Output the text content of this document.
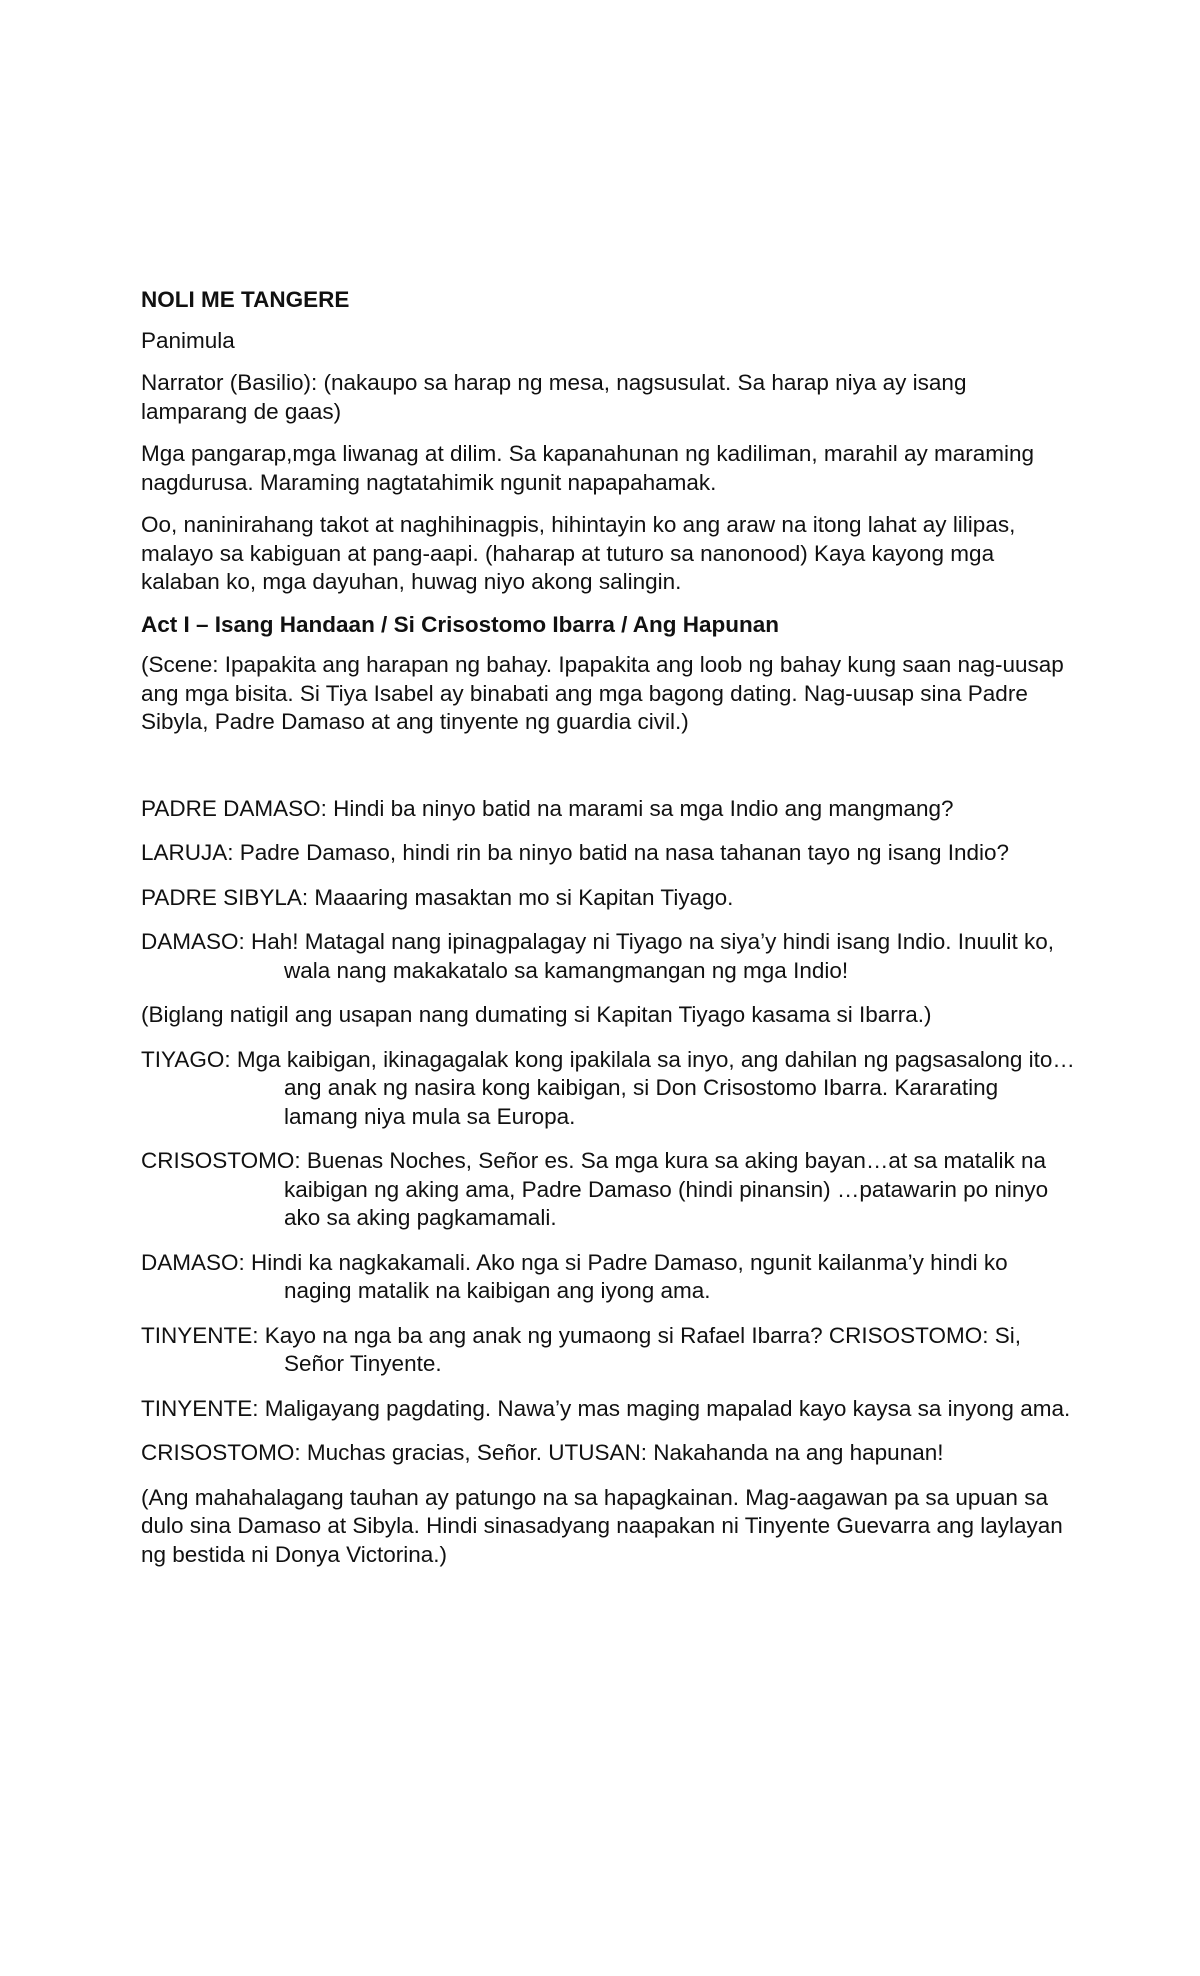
NOLI ME TANGERE
Panimula
Narrator (Basilio): (nakaupo sa harap ng mesa, nagsusulat. Sa harap niya ay isang lamparang de gaas)
Mga pangarap,mga liwanag at dilim. Sa kapanahunan ng kadiliman, marahil ay maraming nagdurusa. Maraming nagtatahimik ngunit napapahamak.
Oo, naninirahang takot at naghihinagpis, hihintayin ko ang araw na itong lahat ay lilipas, malayo sa kabiguan at pang-aapi. (haharap at tuturo sa nanonood) Kaya kayong mga kalaban ko, mga dayuhan, huwag niyo akong salingin.
Act I – Isang Handaan / Si Crisostomo Ibarra / Ang Hapunan
(Scene: Ipapakita ang harapan ng bahay. Ipapakita ang loob ng bahay kung saan nag-uusap ang mga bisita. Si Tiya Isabel ay binabati ang mga bagong dating. Nag-uusap sina Padre Sibyla, Padre Damaso at ang tinyente ng guardia civil.)
PADRE DAMASO: Hindi ba ninyo batid na marami sa mga Indio ang mangmang?
LARUJA: Padre Damaso, hindi rin ba ninyo batid na nasa tahanan tayo ng isang Indio?
PADRE SIBYLA: Maaaring masaktan mo si Kapitan Tiyago.
DAMASO: Hah! Matagal nang ipinagpalagay ni Tiyago na siya’y hindi isang Indio. Inuulit ko, wala nang makakatalo sa kamangmangan ng mga Indio!
(Biglang natigil ang usapan nang dumating si Kapitan Tiyago kasama si Ibarra.)
TIYAGO: Mga kaibigan, ikinagagalak kong ipakilala sa inyo, ang dahilan ng pagsasalong ito…ang anak ng nasira kong kaibigan, si Don Crisostomo Ibarra. Kararating lamang niya mula sa Europa.
CRISOSTOMO: Buenas Noches, Señor es. Sa mga kura sa aking bayan…at sa matalik na kaibigan ng aking ama, Padre Damaso (hindi pinansin) …patawarin po ninyo ako sa aking pagkamamali.
DAMASO: Hindi ka nagkakamali. Ako nga si Padre Damaso, ngunit kailanma’y hindi ko naging matalik na kaibigan ang iyong ama.
TINYENTE: Kayo na nga ba ang anak ng yumaong si Rafael Ibarra? CRISOSTOMO: Si, Señor Tinyente.
TINYENTE: Maligayang pagdating. Nawa’y mas maging mapalad kayo kaysa sa inyong ama.
CRISOSTOMO: Muchas gracias, Señor. UTUSAN: Nakahanda na ang hapunan!
(Ang mahahalagang tauhan ay patungo na sa hapagkainan. Mag-aagawan pa sa upuan sa dulo sina Damaso at Sibyla. Hindi sinasadyang naapakan ni Tinyente Guevarra ang laylayan ng bestida ni Donya Victorina.)
